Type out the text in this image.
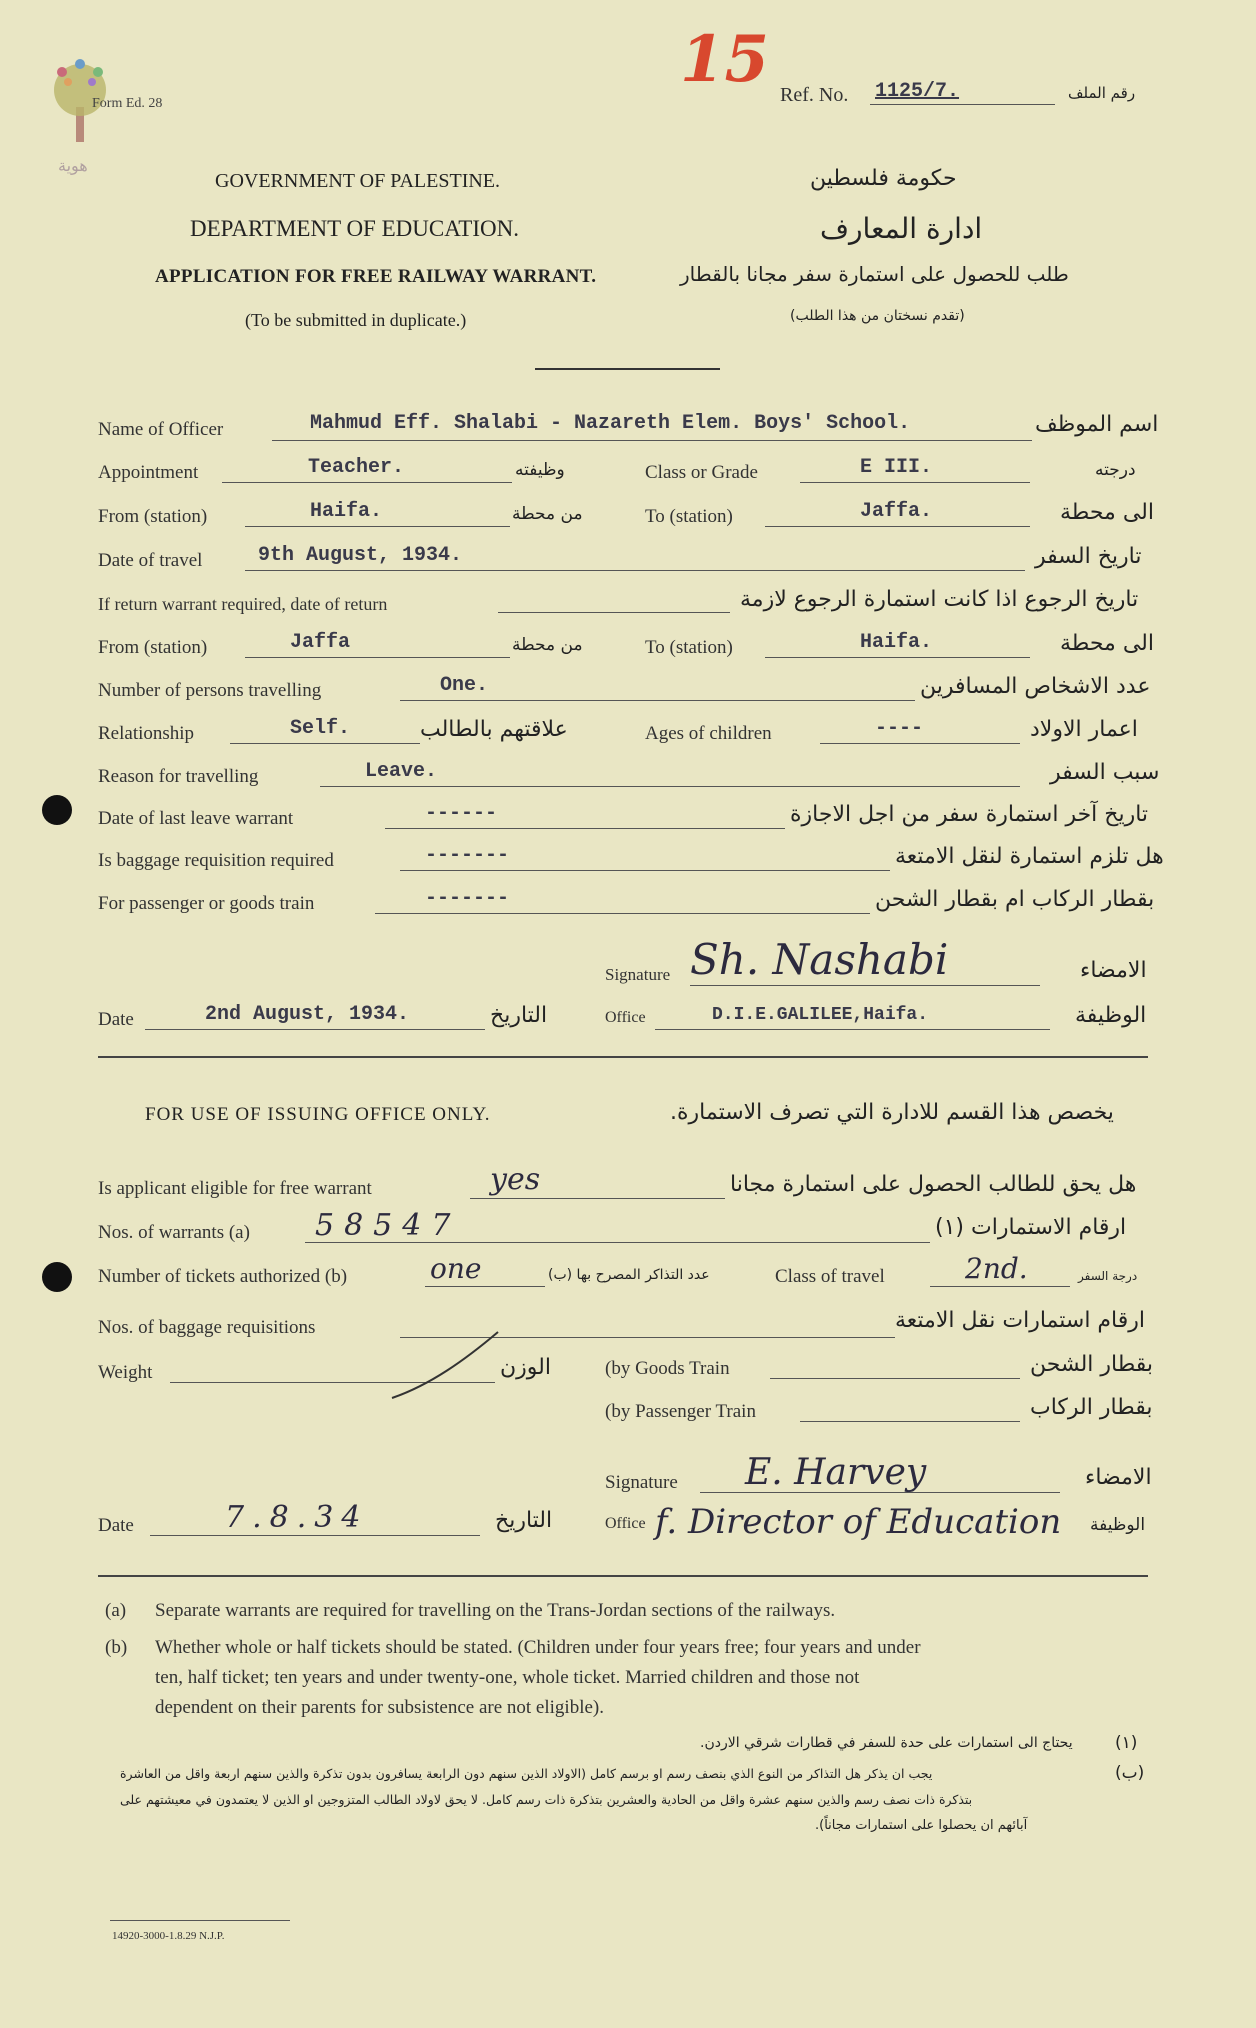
هوية
Form Ed. 28
15 Ref. No. 1125/7.	رقم الملف
GOVERNMENT OF PALESTINE.	حكومة فلسطين
DEPARTMENT OF EDUCATION.	ادارة المعارف
APPLICATION FOR FREE RAILWAY WARRANT.	طلب للحصول على استمارة سفر مجانا بالقطار
(To be submitted in duplicate.)	(تقدم نسختان من هذا الطلب)
Name of Officer	Mahmud Eff. Shalabi - Nazareth Elem. Boys' School.	اسم الموظف
Appointment	Teacher.	وظيفته	Class or Grade	E III.	درجته
From (station)	Haifa.	من محطة	To (station)	Jaffa.	الى محطة
Date of travel	9th August, 1934.	تاريخ السفر
If return warrant required, date of return	تاريخ الرجوع اذا كانت استمارة الرجوع لازمة
From (station)	Jaffa	من محطة	To (station)	Haifa.	الى محطة
Number of persons travelling	One.	عدد الاشخاص المسافرين
Relationship	Self.	علاقتهم بالطالب	Ages of children	----	اعمار الاولاد
Reason for travelling	Leave.	سبب السفر
Date of last leave warrant	------	تاريخ آخر استمارة سفر من اجل الاجازة
Is baggage requisition required	-------	هل تلزم استمارة لنقل الامتعة
For passenger or goods train	-------	بقطار الركاب ام بقطار الشحن
Signature Sh. Nashabi	الامضاء
Date	2nd August, 1934.	التاريخ	Office	D.I.E.GALILEE,Haifa.	الوظيفة
FOR USE OF ISSUING OFFICE ONLY.	يخصص هذا القسم للادارة التي تصرف الاستمارة.
Is applicant eligible for free warrant	yes	هل يحق للطالب الحصول على استمارة مجانا
Nos. of warrants (a) 58547	ارقام الاستمارات (١)
Number of tickets authorized (b)	one	عدد التذاكر المصرح بها (ب)	Class of travel	2nd.	درجة السفر
Nos. of baggage requisitions	ارقام استمارات نقل الامتعة
Weight	الوزن	(by Goods Train	بقطار الشحن
(by Passenger Train	بقطار الركاب
Signature E. Harvey	الامضاء
Date	7.8.34	التاريخ	Office f. Director of Education الوظيفة
(a) Separate warrants are required for travelling on the Trans-Jordan sections of the railways.
(b) Whether whole or half tickets should be stated. (Children under four years free; four years and under
ten, half ticket; ten years and under twenty-one, whole ticket. Married children and those not
dependent on their parents for subsistence are not eligible).
(١)
يحتاج الى استمارات على حدة للسفر في قطارات شرقي الاردن.
(ب)
يجب ان يذكر هل التذاكر من النوع الذي بنصف رسم او برسم كامل (الاولاد الذين سنهم دون الرابعة يسافرون بدون تذكرة والذين سنهم اربعة واقل من العاشرة
بتذكرة ذات نصف رسم والذين سنهم عشرة واقل من الحادية والعشرين بتذكرة ذات رسم كامل. لا يحق لاولاد الطالب المتزوجين او الذين لا يعتمدون في معيشتهم على
آبائهم ان يحصلوا على استمارات مجاناً).
14920-3000-1.8.29 N.J.P.
